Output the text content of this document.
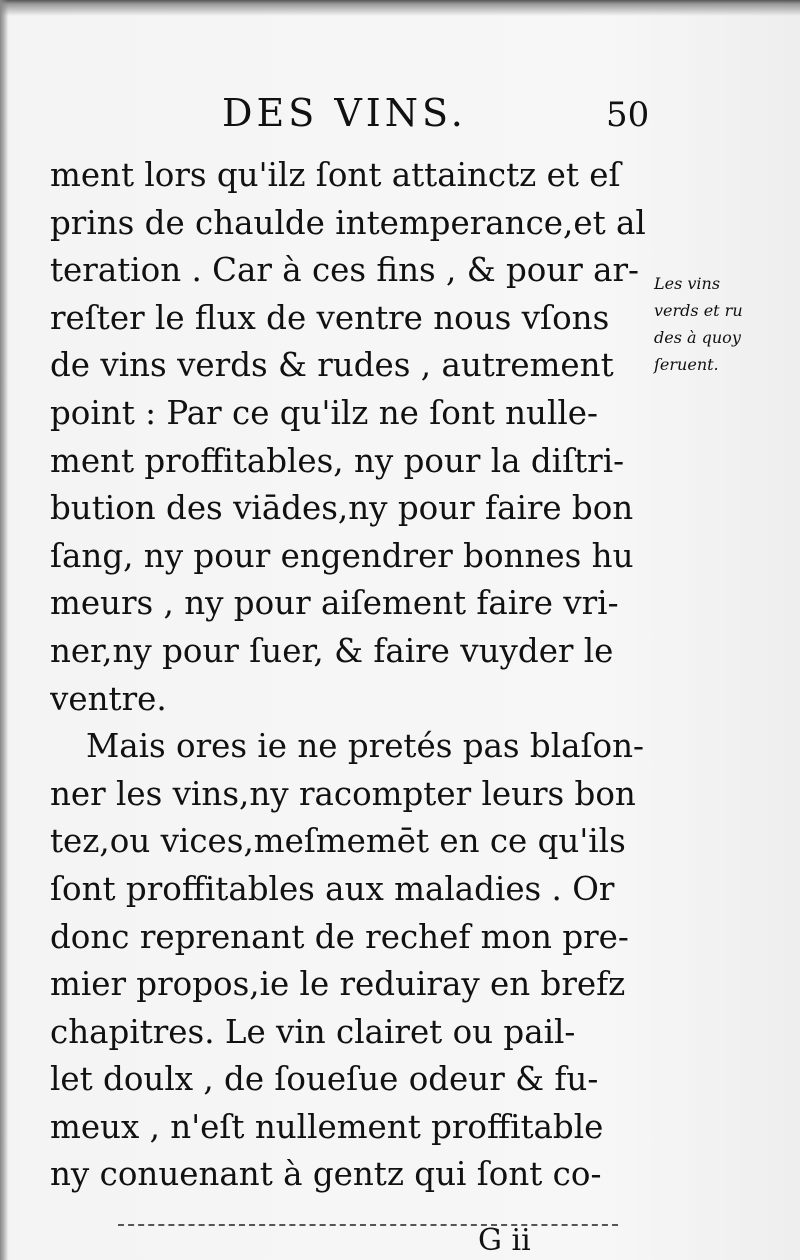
DES VINS.	50
ment lors qu'ilz ſont attainctz et eſ
prins de chaulde intemperance,et al
teration . Car à ces fins , & pour ar-
reſter le flux de ventre nous vſons
de vins verds & rudes , autrement
point : Par ce qu'ilz ne ſont nulle-
ment proffitables, ny pour la diſtri-
bution des viādes,ny pour faire bon
ſang, ny pour engendrer bonnes hu
meurs , ny pour aiſement faire vri-
ner,ny pour ſuer, & faire vuyder le
ventre.
Mais ores ie ne pretés pas blaſon-
ner les vins,ny racompter leurs bon
tez,ou vices,meſmemēt en ce qu'ils
ſont proffitables aux maladies . Or
donc reprenant de rechef mon pre-
mier propos,ie le reduiray en brefz
chapitres. Le vin clairet ou pail-
let doulx , de ſoueſue odeur & fu-
meux , n'eſt nullement proffitable
ny conuenant à gentz qui ſont co-
Les vins
verds et ru
des à quoy
ſeruent.
G ii
